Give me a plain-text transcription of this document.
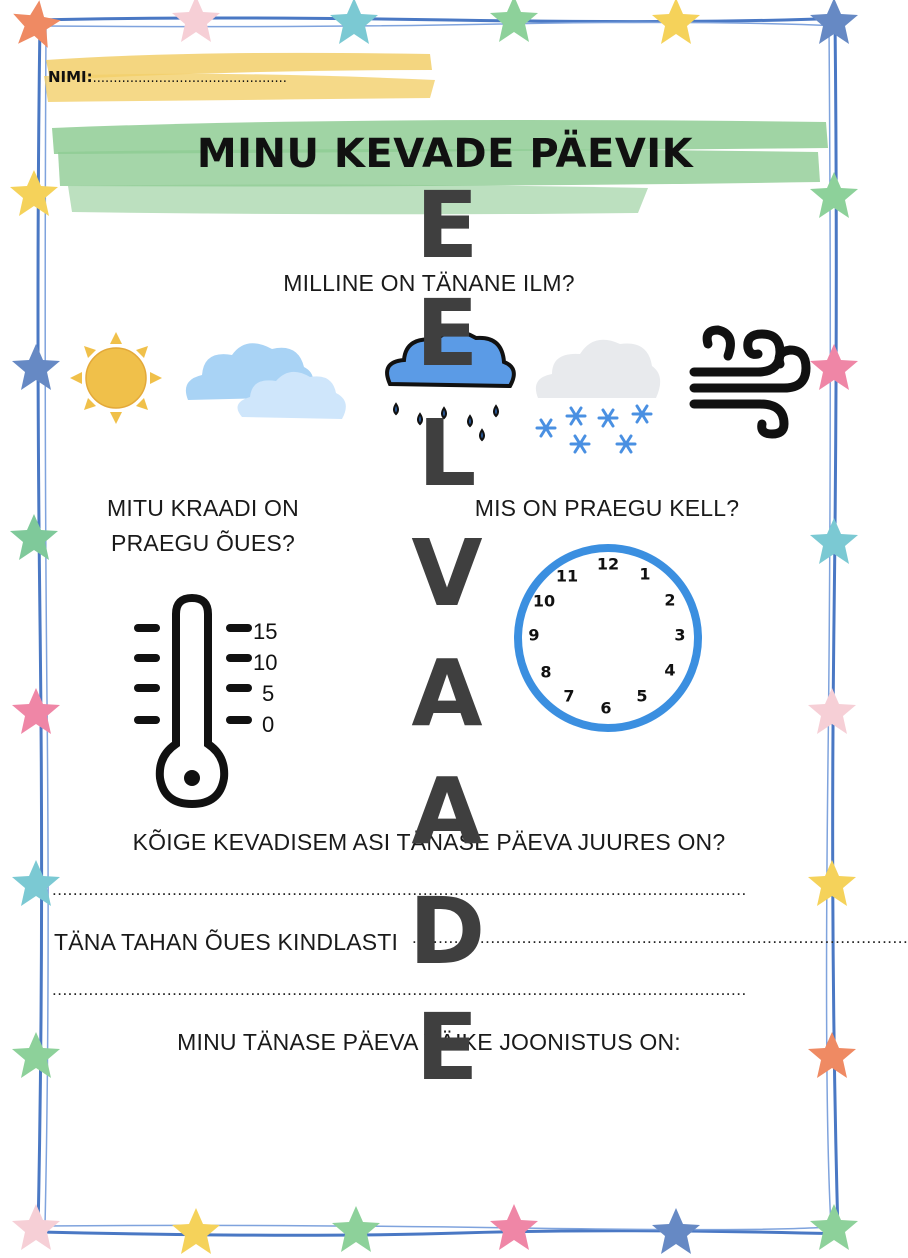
NIMI:...............................................
MINU KEVADE PÄEVIK
MILLINE ON TÄNANE ILM?
MITU KRAADI ON
PRAEGU ÕUES?
15
10
5
0
MIS ON PRAEGU KELL?
12
1
2
3
4
5
6
7
8
9
10
11
KÕIGE KEVADISEM ASI TÄNASE PÄEVA JUURES ON?
.....................................................................................................................................
TÄNA TAHAN ÕUES KINDLASTI ...............................................................................................
.....................................................................................................................................
MINU TÄNASE PÄEVA VÄIKE JOONISTUS ON:
E
E
L
V
A
A
D
E
